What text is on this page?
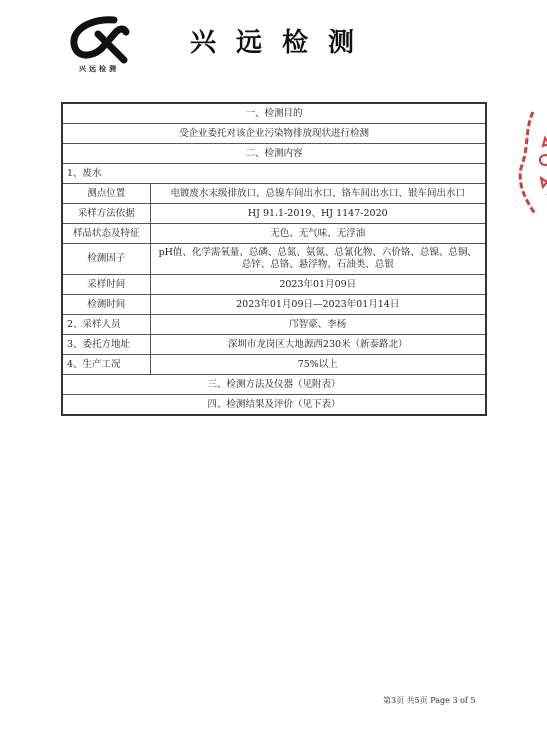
兴远检测
兴远检测
一、检测目的	
受企业委托对该企业污染物排放现状进行检测	
二、检测内容	
1、废水	
测点位置	电镀废水末级排放口、总镍车间出水口、铬车间出水口、银车间出水口
采样方法依据	HJ 91.1-2019、HJ 1147-2020
样品状态及特征	无色、无气味、无浮油
检测因子	pH值、化学需氧量、总磷、总氮、氨氮、总氰化物、六价铬、总镍、总铜、总锌、总铬、悬浮物、石油类、总银
采样时间	2023年01月09日
检测时间	2023年01月09日—2023年01月14日
2、采样人员	邝智豪、李杨
3、委托方地址	深圳市龙岗区大地源西230米（新泰路北）
4、生产工况	75%以上
三、检测方法及仪器（见附表）	
四、检测结果及评价（见下表）	
第3页 共5页 Page 3 of 5
